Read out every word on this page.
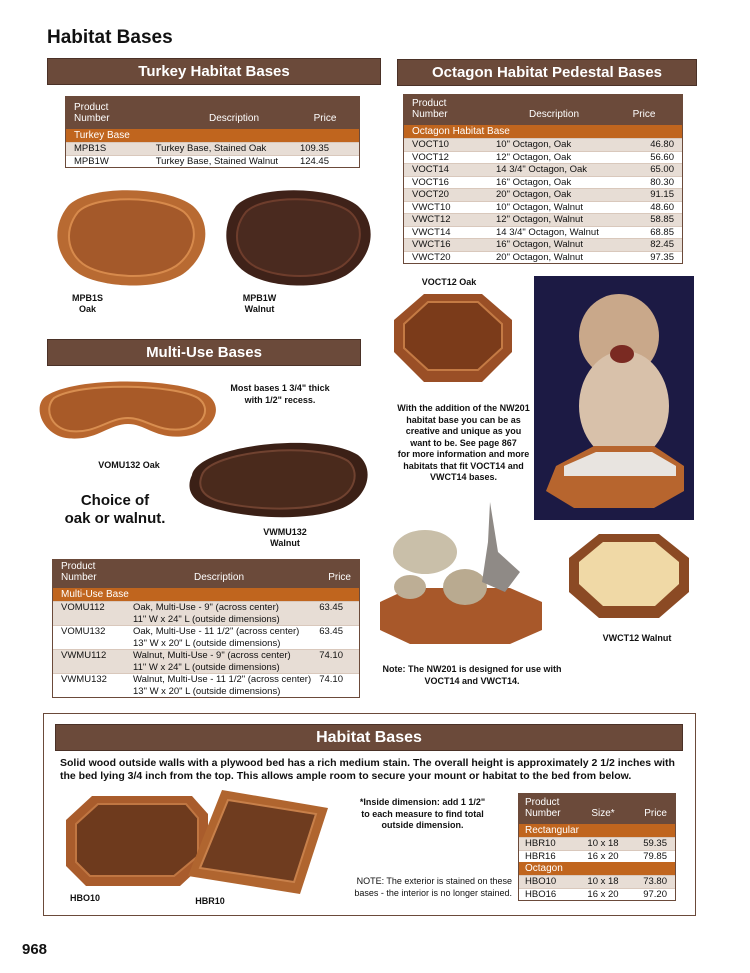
Habitat Bases
Turkey Habitat Bases
Product
Number	Description	Price
Turkey Base
MPB1S	Turkey Base, Stained Oak	109.35
MPB1W	Turkey Base, Stained Walnut	124.45
MPB1S
Oak
MPB1W
Walnut
Octagon Habitat Pedestal Bases
Product
Number	Description	Price
Octagon Habitat Base
VOCT10	10" Octagon, Oak	46.80
VOCT12	12" Octagon, Oak	56.60
VOCT14	14 3/4" Octagon, Oak	65.00
VOCT16	16" Octagon, Oak	80.30
VOCT20	20" Octagon, Oak	91.15
VWCT10	10" Octagon, Walnut	48.60
VWCT12	12" Octagon, Walnut	58.85
VWCT14	14 3/4" Octagon, Walnut	68.85
VWCT16	16" Octagon, Walnut	82.45
VWCT20	20" Octagon, Walnut	97.35
VOCT12 Oak
With the addition of the NW201
habitat base you can be as
creative and unique as you
want to be. See page 867
for more information and more
habitats that fit VOCT14 and
VWCT14 bases.
VWCT12 Walnut
Note: The NW201 is designed for use with
VOCT14 and VWCT14.
Multi-Use Bases
Most bases 1 3/4" thick
with 1/2" recess.
VOMU132 Oak
VWMU132
Walnut
Choice of
oak or walnut.
Product
Number	Description	Price
Multi-Use Base
VOMU112	Oak, Multi-Use - 9" (across center)
11" W x 24" L (outside dimensions)
63.45
VOMU132	Oak, Multi-Use - 11 1/2" (across center)
13" W x 20" L (outside dimensions)
63.45
VWMU112	Walnut, Multi-Use - 9" (across center)
11" W x 24" L (outside dimensions)
74.10
VWMU132	Walnut, Multi-Use - 11 1/2" (across center)
13" W x 20" L (outside dimensions)
74.10
Habitat Bases
Solid wood outside walls with a plywood bed has a rich medium stain. The overall height is approximately 2 1/2 inches with the bed lying 3/4 inch from the top. This allows ample room to secure your mount or habitat to the bed from below.
HBO10	HBR10
*Inside dimension: add 1 1/2"
to each measure to find total
outside dimension.
NOTE: The exterior is stained on these
bases - the interior is no longer stained.
Product
Number	Size*	Price
Rectangular
HBR10	10 x 18	59.35
HBR16	16 x 20	79.85
Octagon
HBO10	10 x 18	73.80
HBO16	16 x 20	97.20
968
